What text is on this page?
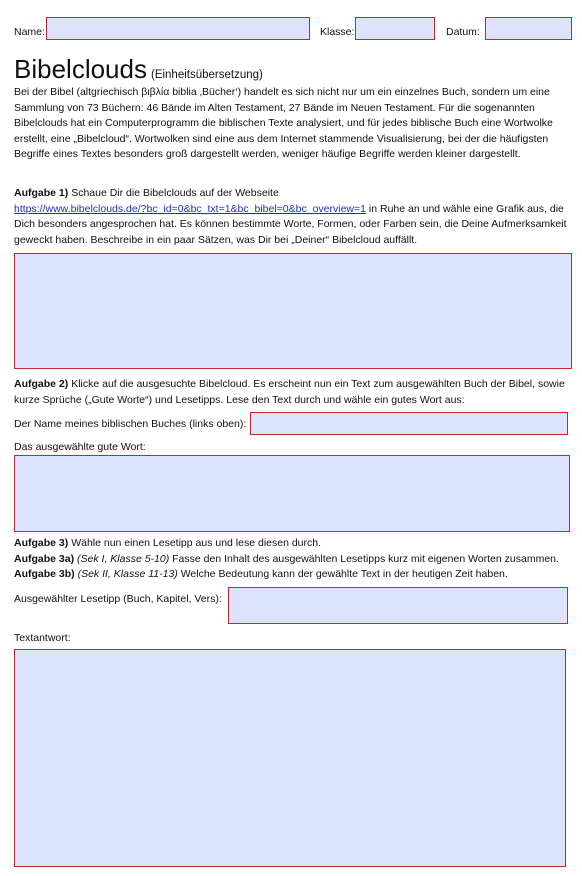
Name:	Klasse:	Datum:
Bibelclouds (Einheitsübersetzung)
Bei der Bibel (altgriechisch βιβλία biblia ‚Bücher‘) handelt es sich nicht nur um ein einzelnes Buch, sondern um eine Sammlung von 73 Büchern: 46 Bände im Alten Testament, 27 Bände im Neuen Testament. Für die sogenannten Bibelclouds hat ein Computerprogramm die biblischen Texte analysiert, und für jedes biblische Buch eine Wortwolke erstellt, eine „Bibelcloud“. Wortwolken sind eine aus dem Internet stammende Visualisierung, bei der die häufigsten Begriffe eines Textes besonders groß dargestellt werden, weniger häufige Begriffe werden kleiner dargestellt.
Aufgabe 1) Schaue Dir die Bibelclouds auf der Webseite
https://www.bibelclouds.de/?bc_id=0&bc_txt=1&bc_bibel=0&bc_overview=1 in Ruhe an und wähle eine Grafik aus, die Dich besonders angesprochen hat. Es können bestimmte Worte, Formen, oder Farben sein, die Deine Aufmerksamkeit geweckt haben. Beschreibe in ein paar Sätzen, was Dir bei „Deiner“ Bibelcloud auffällt.
Aufgabe 2) Klicke auf die ausgesuchte Bibelcloud. Es erscheint nun ein Text zum ausgewählten Buch der Bibel, sowie kurze Sprüche („Gute Worte“) und Lesetipps. Lese den Text durch und wähle ein gutes Wort aus:
Der Name meines biblischen Buches (links oben):
Das ausgewählte gute Wort:
Aufgabe 3) Wähle nun einen Lesetipp aus und lese diesen durch.
Aufgabe 3a) (Sek I, Klasse 5-10) Fasse den Inhalt des ausgewählten Lesetipps kurz mit eigenen Worten zusammen.
Aufgabe 3b) (Sek II, Klasse 11-13) Welche Bedeutung kann der gewählte Text in der heutigen Zeit haben.
Ausgewählter Lesetipp (Buch, Kapitel, Vers):
Textantwort:
